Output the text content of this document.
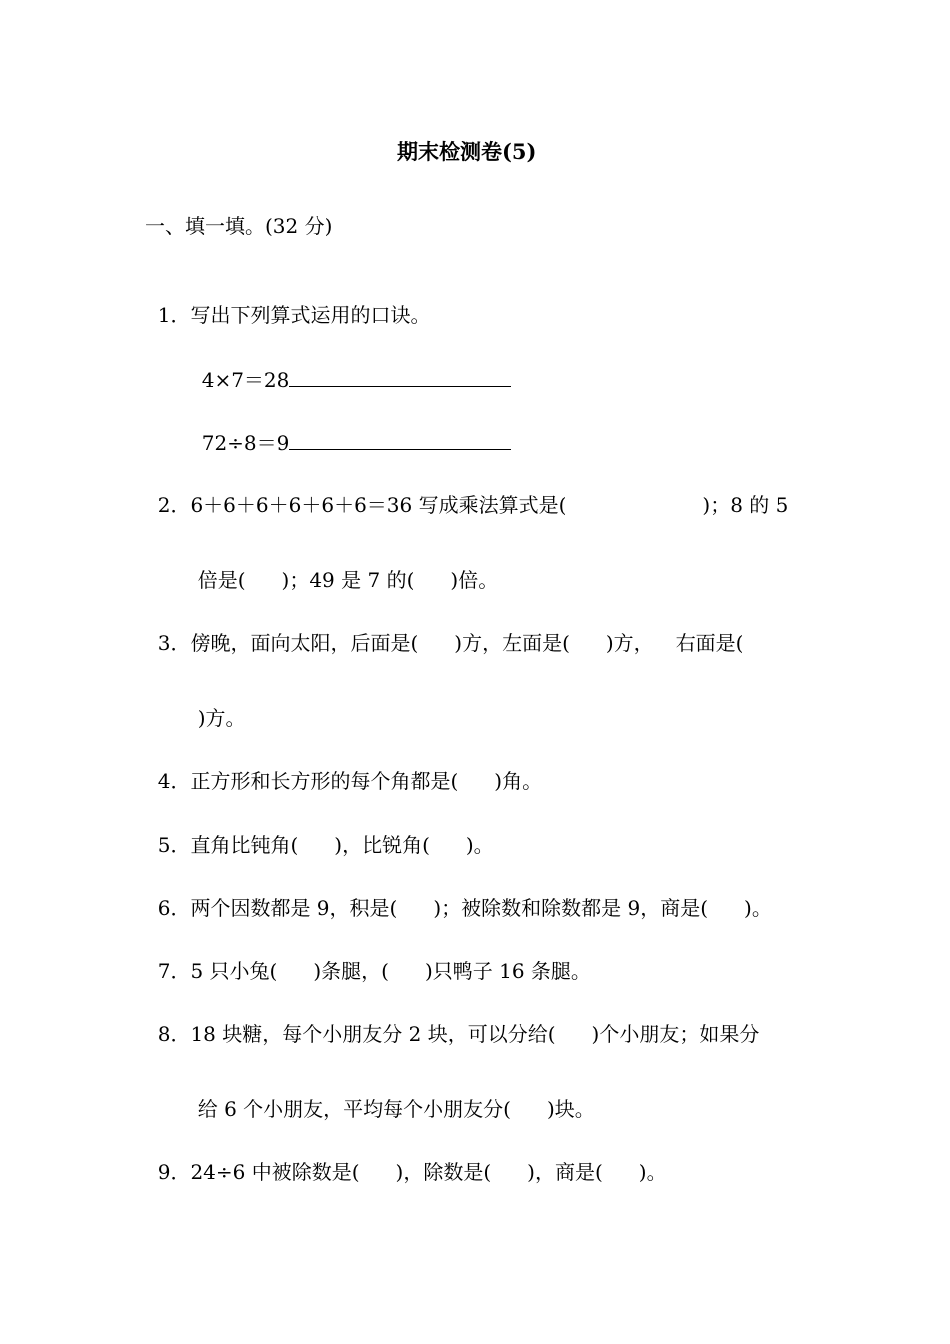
期末检测卷(5)
一、填一填。(32 分)

1．写出下列算式运用的口诀。

4×7＝28

72÷8＝9

2．6＋6＋6＋6＋6＋6＝36 写成乘法算式是(	)；8 的 5

倍是( )；49 是 7 的( )倍。

3．傍晚，面向太阳，后面是( )方，左面是( )方， 右面是(

)方。

4．正方形和长方形的每个角都是( )角。

5．直角比钝角( )，比锐角( )。

6．两个因数都是 9，积是( )；被除数和除数都是 9，商是( )。

7．5 只小兔( )条腿，( )只鸭子 16 条腿。

8．18 块糖，每个小朋友分 2 块，可以分给( )个小朋友；如果分

给 6 个小朋友，平均每个小朋友分( )块。

9．24÷6 中被除数是( )，除数是( )，商是( )。
